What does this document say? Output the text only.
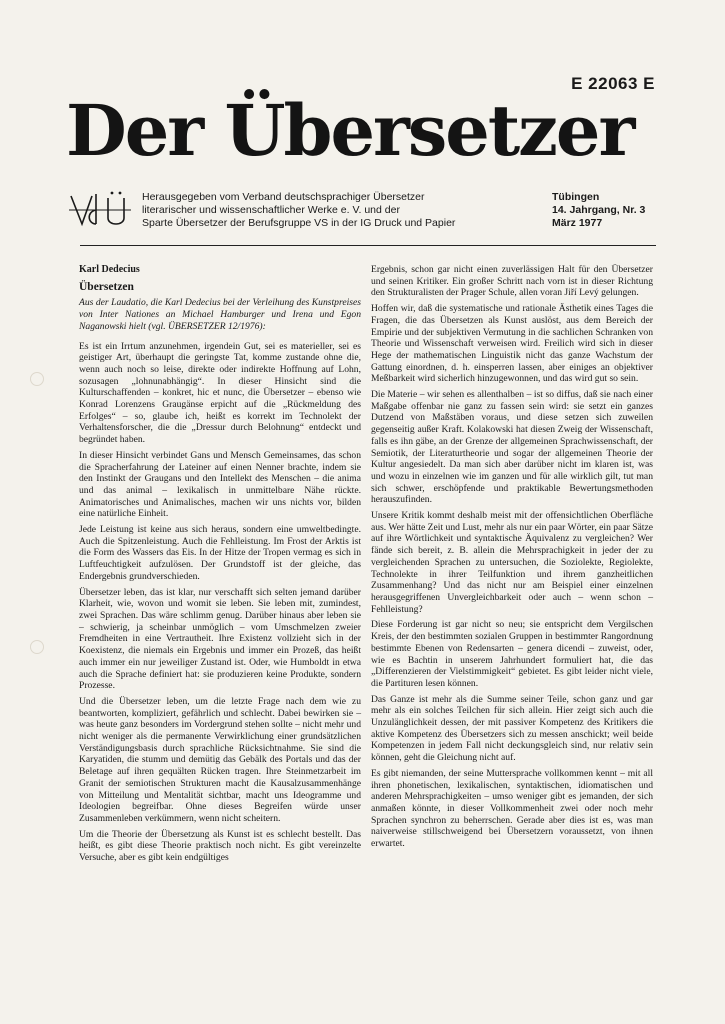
E 22063 E
Der Übersetzer
Herausgegeben vom Verband deutschsprachiger Übersetzer
literarischer und wissenschaftlicher Werke e. V. und der
Sparte Übersetzer der Berufsgruppe VS in der IG Druck und Papier
Tübingen
14. Jahrgang, Nr. 3
März 1977

Karl Dedecius

Übersetzen

Aus der Laudatio, die Karl Dedecius bei der Verleihung des Kunstpreises von Inter Nationes an Michael Hamburger und Irena und Egon Naganowski hielt (vgl. ÜBERSETZER 12/1976):

Es ist ein Irrtum anzunehmen, irgendein Gut, sei es materieller, sei es geistiger Art, überhaupt die geringste Tat, komme zustande ohne die, wenn auch noch so leise, direkte oder indirekte Hoffnung auf Lohn, sozusagen „lohnunabhängig“. In dieser Hinsicht sind die Kulturschaffenden – konkret, hic et nunc, die Übersetzer – ebenso wie Konrad Lorenzens Graugänse erpicht auf die „Rückmeldung des Erfolges“ – so, glaube ich, heißt es korrekt im Technolekt der Verhaltensforscher, die die „Dressur durch Belohnung“ entdeckt und begründet haben.

In dieser Hinsicht verbindet Gans und Mensch Gemeinsames, das schon die Spracherfahrung der Lateiner auf einen Nenner brachte, indem sie den Instinkt der Graugans und den Intellekt des Menschen – die anima und das animal – lexikalisch in unmittelbare Nähe rückte. Animatorisches und Animalisches, machen wir uns nichts vor, bilden eine natürliche Einheit.

Jede Leistung ist keine aus sich heraus, sondern eine umweltbedingte. Auch die Spitzenleistung. Auch die Fehlleistung. Im Frost der Arktis ist die Form des Wassers das Eis. In der Hitze der Tropen vermag es sich in Luftfeuchtigkeit aufzulösen. Der Grundstoff ist der gleiche, das Endergebnis grundverschieden.

Übersetzer leben, das ist klar, nur verschafft sich selten jemand darüber Klarheit, wie, wovon und womit sie leben. Sie leben mit, zumindest, zwei Sprachen. Das wäre schlimm genug. Darüber hinaus aber leben sie – schwierig, ja scheinbar unmöglich – vom Umschmelzen zweier Fremdheiten in eine Vertrautheit. Ihre Existenz vollzieht sich in der Koexistenz, die niemals ein Ergebnis und immer ein Prozeß, das heißt auch immer ein nur jeweiliger Zustand ist. Oder, wie Humboldt in etwa auch die Sprache definiert hat: sie produzieren keine Produkte, sondern Prozesse.

Und die Übersetzer leben, um die letzte Frage nach dem wie zu beantworten, kompliziert, gefährlich und schlecht. Dabei bewirken sie – was heute ganz besonders im Vordergrund stehen sollte – nicht mehr und nicht weniger als die permanente Verwirklichung einer grundsätzlichen Verständigungsbasis durch sprachliche Rücksichtnahme. Sie sind die Karyatiden, die stumm und demütig das Gebälk des Portals und das der Beletage auf ihren gequälten Rücken tragen. Ihre Steinmetzarbeit im Granit der semiotischen Strukturen macht die Kausalzusammenhänge von Mitteilung und Mentalität sichtbar, macht uns Ideogramme und Ideologien begreifbar. Ohne dieses Begreifen würde unser Zusammenleben verkümmern, wenn nicht scheitern.

Um die Theorie der Übersetzung als Kunst ist es schlecht bestellt. Das heißt, es gibt diese Theorie praktisch noch nicht. Es gibt vereinzelte Versuche, aber es gibt kein endgültiges

Ergebnis, schon gar nicht einen zuverlässigen Halt für den Übersetzer und seinen Kritiker. Ein großer Schritt nach vorn ist in dieser Richtung den Strukturalisten der Prager Schule, allen voran Jiří Levý gelungen.

Hoffen wir, daß die systematische und rationale Ästhetik eines Tages die Fragen, die das Übersetzen als Kunst auslöst, aus dem Bereich der Empirie und der subjektiven Vermutung in die sachlichen Schranken von Theorie und Wissenschaft verweisen wird. Freilich wird sich in dieser Hege der mathematischen Linguistik nicht das ganze Wachstum der Gattung einordnen, d. h. einsperren lassen, aber einiges an objektiver Meßbarkeit wird sicherlich hinzugewonnen, und das wird gut so sein.

Die Materie – wir sehen es allenthalben – ist so diffus, daß sie nach einer Maßgabe offenbar nie ganz zu fassen sein wird: sie setzt ein ganzes Dutzend von Maßstäben voraus, und diese setzen sich zuweilen gegenseitig außer Kraft. Kolakowski hat diesen Zweig der Wissenschaft, falls es ihn gäbe, an der Grenze der allgemeinen Sprachwissenschaft, der Semiotik, der Literaturtheorie und sogar der allgemeinen Theorie der Kultur angesiedelt. Da man sich aber darüber nicht im klaren ist, was und wozu in einzelnen wie im ganzen und für alle wirklich gilt, tut man sich schwer, erschöpfende und praktikable Bewertungsmethoden herauszufinden.

Unsere Kritik kommt deshalb meist mit der offensichtlichen Oberfläche aus. Wer hätte Zeit und Lust, mehr als nur ein paar Wörter, ein paar Sätze auf ihre Wörtlichkeit und syntaktische Äquivalenz zu vergleichen? Wer fände sich bereit, z. B. allein die Mehrsprachigkeit in jeder der zu vergleichenden Sprachen zu untersuchen, die Soziolekte, Regiolekte, Technolekte in ihrer Teilfunktion und ihrem ganzheitlichen Zusammenhang? Und das nicht nur am Beispiel einer einzelnen herausgegriffenen Unvergleichbarkeit oder auch – wenn schon – Fehlleistung?

Diese Forderung ist gar nicht so neu; sie entspricht dem Vergilschen Kreis, der den bestimmten sozialen Gruppen in bestimmter Rangordnung bestimmte Ebenen von Redensarten – genera dicendi – zuweist, oder, wie es Bachtin in unserem Jahrhundert formuliert hat, die das „Differenzieren der Vielstimmigkeit“ gebietet. Es gibt leider nicht viele, die Partituren lesen können.

Das Ganze ist mehr als die Summe seiner Teile, schon ganz und gar mehr als ein solches Teilchen für sich allein. Hier zeigt sich auch die Unzulänglichkeit dessen, der mit passiver Kompetenz des Kritikers die aktive Kompetenz des Übersetzers sich zu messen anschickt; weil beide Kompetenzen in jedem Fall nicht deckungsgleich sind, nur relativ sein können, geht die Gleichung nicht auf.

Es gibt niemanden, der seine Muttersprache vollkommen kennt – mit all ihren phonetischen, lexikalischen, syntaktischen, idiomatischen und anderen Mehrsprachigkeiten – umso weniger gibt es jemanden, der sich anmaßen könnte, in dieser Vollkommenheit zwei oder noch mehr Sprachen synchron zu beherrschen. Gerade aber dies ist es, was man naiverweise stillschweigend bei Übersetzern voraussetzt, von ihnen erwartet.
